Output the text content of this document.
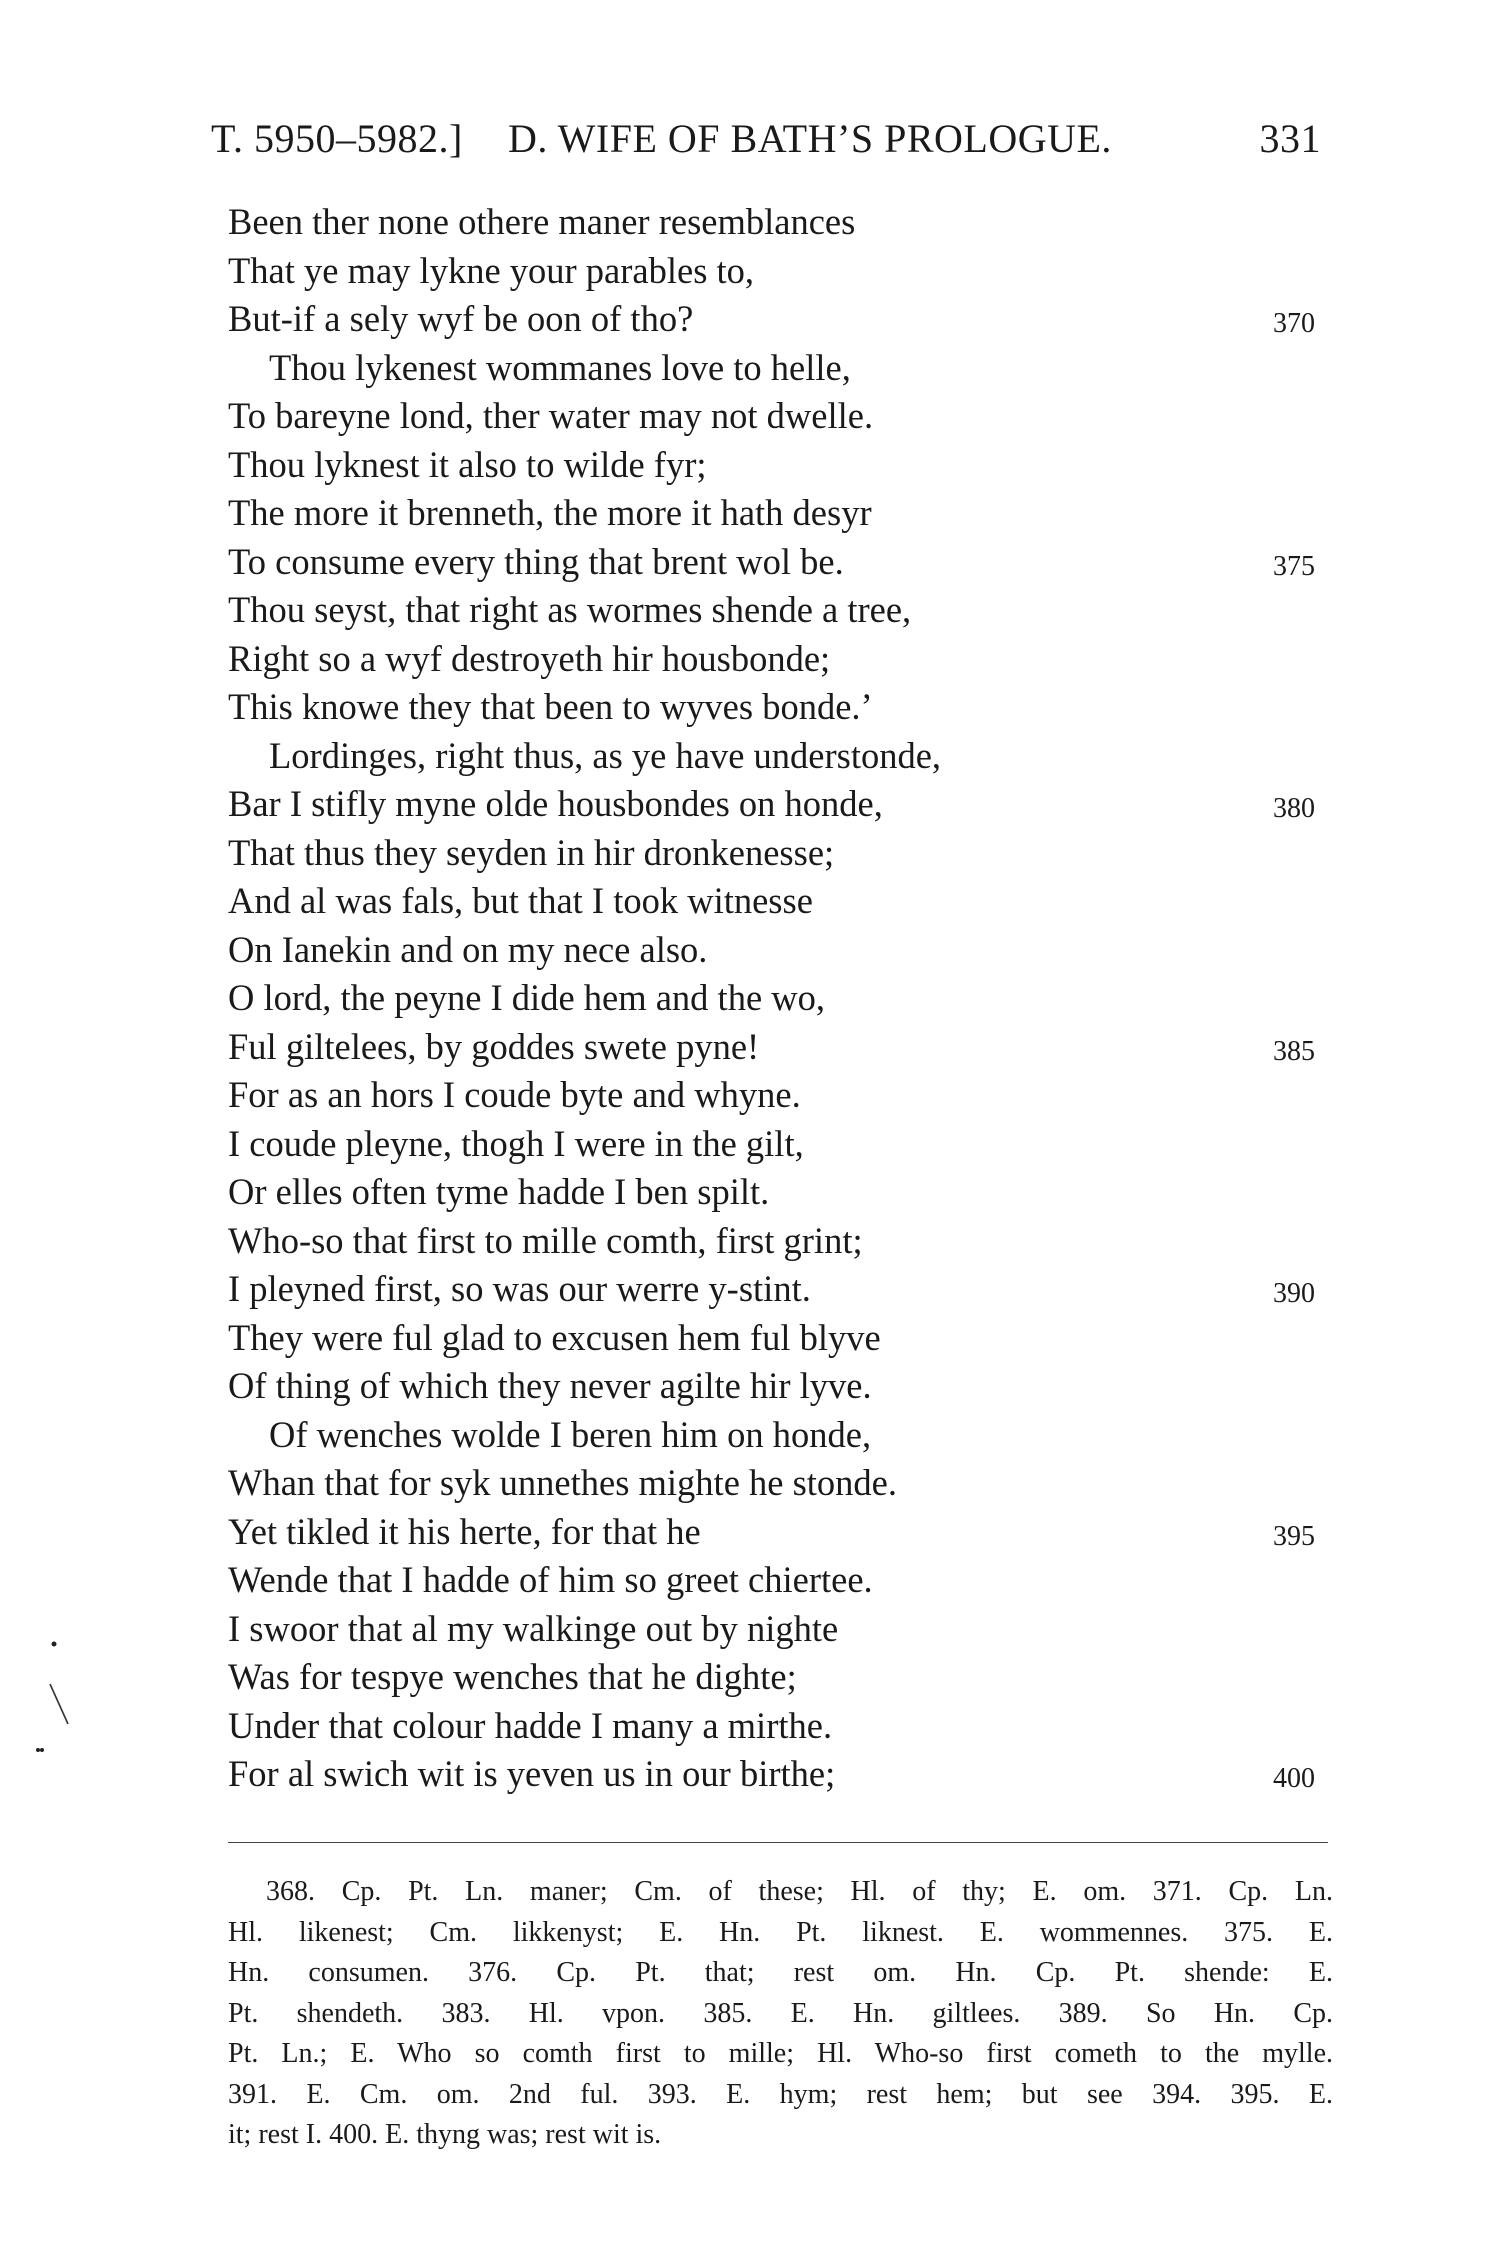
T. 5950–5982.] D. WIFE OF BATH’S PROLOGUE.	331
Been ther none othere maner resemblances
That ye may lykne your parables to,
But-if a sely wyf be oon of tho?	370
Thou lykenest wommanes love to helle,
To bareyne lond, ther water may not dwelle.
Thou lyknest it also to wilde fyr;
The more it brenneth, the more it hath desyr
To consume every thing that brent wol be.	375
Thou seyst, that right as wormes shende a tree,
Right so a wyf destroyeth hir housbonde;
This knowe they that been to wyves bonde.’
Lordinges, right thus, as ye have understonde,
Bar I stifly myne olde housbondes on honde,	380
That thus they seyden in hir dronkenesse;
And al was fals, but that I took witnesse
On Ianekin and on my nece also.
O lord, the peyne I dide hem and the wo,
Ful giltelees, by goddes swete pyne!	385
For as an hors I coude byte and whyne.
I coude pleyne, thogh I were in the gilt,
Or elles often tyme hadde I ben spilt.
Who-so that first to mille comth, first grint;
I pleyned first, so was our werre y-stint.	390
They were ful glad to excusen hem ful blyve
Of thing of which they never agilte hir lyve.
Of wenches wolde I beren him on honde,
Whan that for syk unnethes mighte he stonde.
Yet tikled it his herte, for that he	395
Wende that I hadde of him so greet chiertee.
I swoor that al my walkinge out by nighte
Was for tespye wenches that he dighte;
Under that colour hadde I many a mirthe.
For al swich wit is yeven us in our birthe;	400
368. Cp. Pt. Ln. maner; Cm. of these; Hl. of thy; E. om. 371. Cp. Ln.
Hl. likenest; Cm. likkenyst; E. Hn. Pt. liknest. E. wommennes. 375. E.
Hn. consumen. 376. Cp. Pt. that; rest om. Hn. Cp. Pt. shende: E.
Pt. shendeth. 383. Hl. vpon. 385. E. Hn. giltlees. 389. So Hn. Cp.
Pt. Ln.; E. Who so comth first to mille; Hl. Who-so first cometh to the mylle.
391. E. Cm. om. 2nd ful. 393. E. hym; rest hem; but see 394. 395. E.
it; rest I. 400. E. thyng was; rest wit is.
